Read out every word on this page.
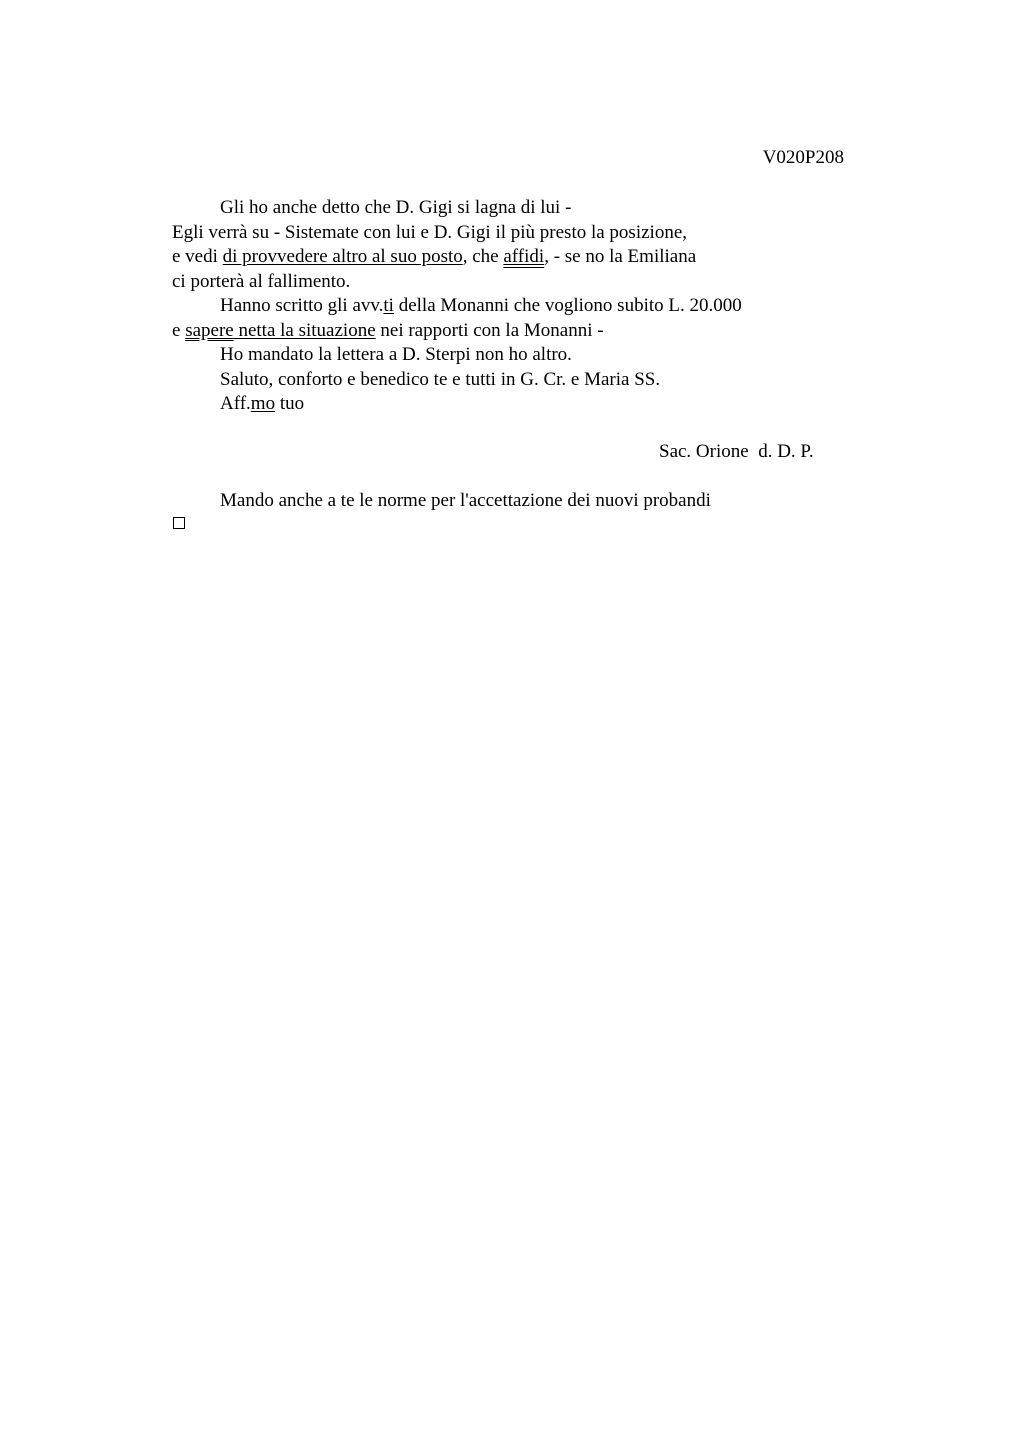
V020P208
Gli ho anche detto che D. Gigi si lagna di lui -
Egli verrà su - Sistemate con lui e D. Gigi il più presto la posizione,
e vedi di provvedere altro al suo posto, che affidi, - se no la Emiliana
ci porterà al fallimento.
Hanno scritto gli avv.ti della Monanni che vogliono subito L. 20.000
e sapere netta la situazione nei rapporti con la Monanni -
Ho mandato la lettera a D. Sterpi non ho altro.
Saluto, conforto e benedico te e tutti in G. Cr. e Maria SS.
Aff.mo tuo
Sac. Orione  d. D. P.
Mando anche a te le norme per l'accettazione dei nuovi probandi
